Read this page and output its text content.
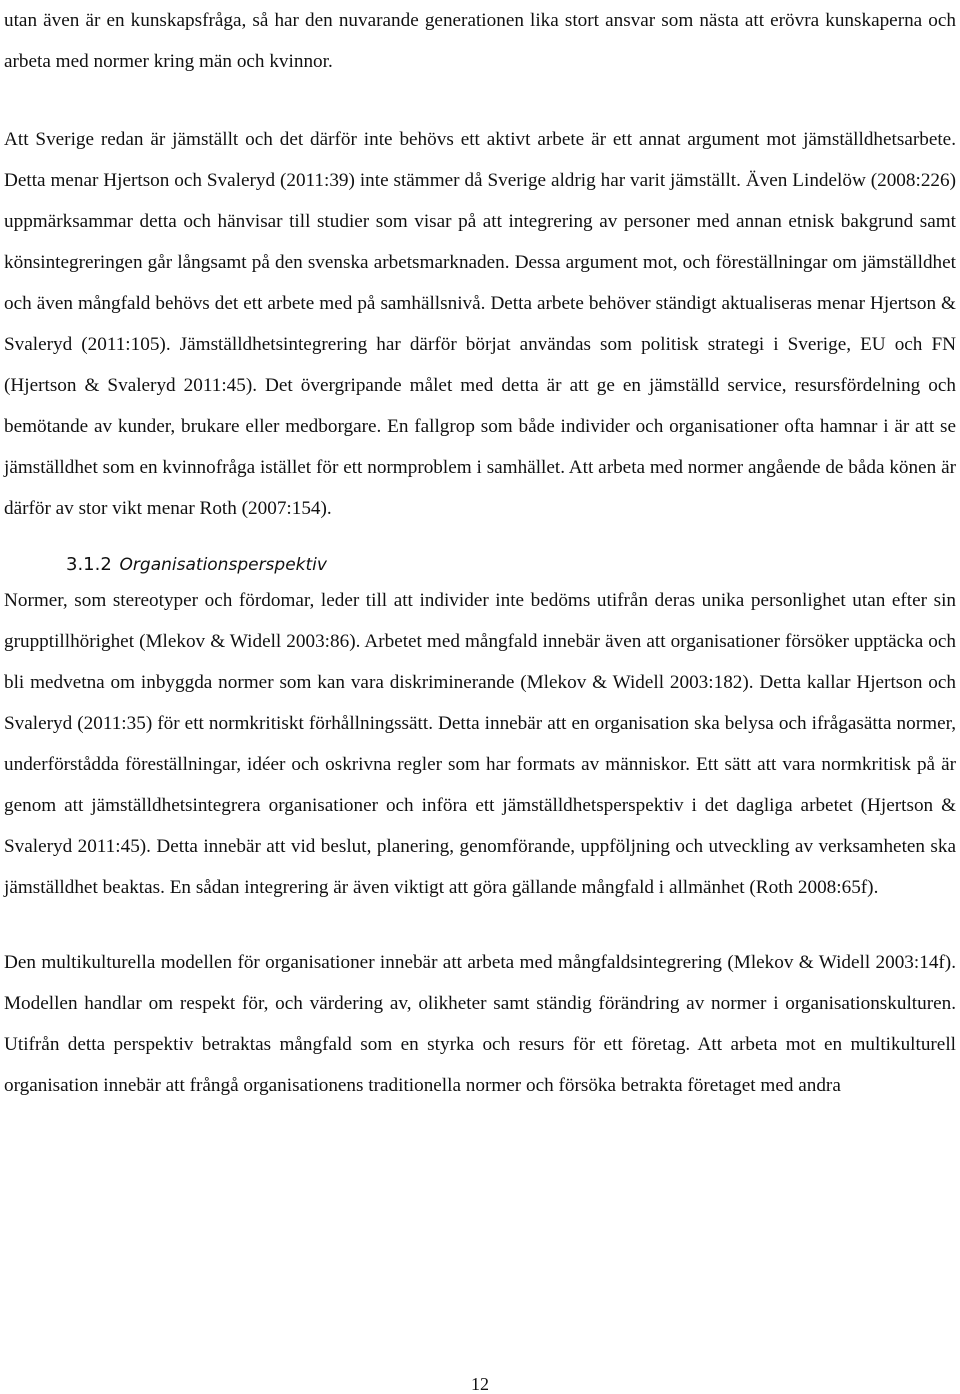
utan även är en kunskapsfråga, så har den nuvarande generationen lika stort ansvar som nästa att erövra kunskaperna och arbeta med normer kring män och kvinnor.

Att Sverige redan är jämställt och det därför inte behövs ett aktivt arbete är ett annat argument mot jämställdhetsarbete. Detta menar Hjertson och Svaleryd (2011:39) inte stämmer då Sverige aldrig har varit jämställt. Även Lindelöw (2008:226) uppmärksammar detta och hänvisar till studier som visar på att integrering av personer med annan etnisk bakgrund samt könsintegreringen går långsamt på den svenska arbetsmarknaden. Dessa argument mot, och föreställningar om jämställdhet och även mångfald behövs det ett arbete med på samhällsnivå. Detta arbete behöver ständigt aktualiseras menar Hjertson & Svaleryd (2011:105). Jämställdhetsintegrering har därför börjat användas som politisk strategi i Sverige, EU och FN (Hjertson & Svaleryd 2011:45). Det övergripande målet med detta är att ge en jämställd service, resursfördelning och bemötande av kunder, brukare eller medborgare. En fallgrop som både individer och organisationer ofta hamnar i är att se jämställdhet som en kvinnofråga istället för ett normproblem i samhället. Att arbeta med normer angående de båda könen är därför av stor vikt menar Roth (2007:154).

3.1.2 Organisationsperspektiv

Normer, som stereotyper och fördomar, leder till att individer inte bedöms utifrån deras unika personlighet utan efter sin grupptillhörighet (Mlekov & Widell 2003:86). Arbetet med mångfald innebär även att organisationer försöker upptäcka och bli medvetna om inbyggda normer som kan vara diskriminerande (Mlekov & Widell 2003:182). Detta kallar Hjertson och Svaleryd (2011:35) för ett normkritiskt förhållningssätt. Detta innebär att en organisation ska belysa och ifrågasätta normer, underförstådda föreställningar, idéer och oskrivna regler som har formats av människor. Ett sätt att vara normkritisk på är genom att jämställdhetsintegrera organisationer och införa ett jämställdhetsperspektiv i det dagliga arbetet (Hjertson & Svaleryd 2011:45). Detta innebär att vid beslut, planering, genomförande, uppföljning och utveckling av verksamheten ska jämställdhet beaktas. En sådan integrering är även viktigt att göra gällande mångfald i allmänhet (Roth 2008:65f).

Den multikulturella modellen för organisationer innebär att arbeta med mångfaldsintegrering (Mlekov & Widell 2003:14f). Modellen handlar om respekt för, och värdering av, olikheter samt ständig förändring av normer i organisationskulturen. Utifrån detta perspektiv betraktas mångfald som en styrka och resurs för ett företag. Att arbeta mot en multikulturell organisation innebär att frångå organisationens traditionella normer och försöka betrakta företaget med andra

12
